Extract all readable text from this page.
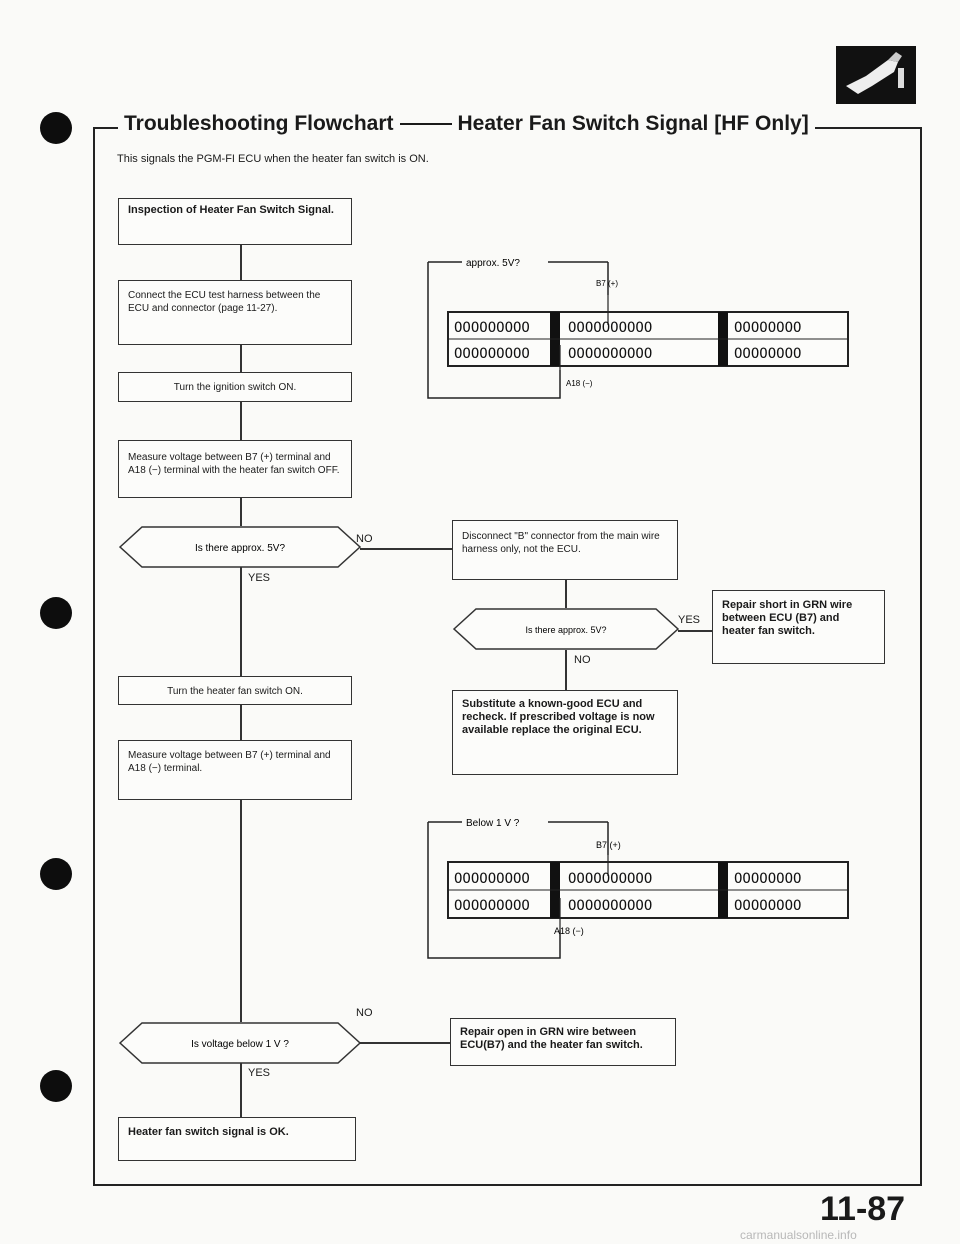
Troubleshooting Flowchart	Heater Fan Switch Signal [HF Only]
This signals the PGM-FI ECU when the heater fan switch is ON.
Inspection of Heater Fan Switch Signal.
Connect the ECU test harness between the ECU and connector (page 11-27).
Turn the ignition switch ON.
Measure voltage between B7 (+) terminal and A18 (−) terminal with the heater fan switch OFF.
Disconnect "B" connector from the main wire harness only, not the ECU.
Repair short in GRN wire between ECU (B7) and heater fan switch.
Substitute a known-good ECU and recheck. If prescribed voltage is now available replace the original ECU.
Turn the heater fan switch ON.
Measure voltage between B7 (+) terminal and A18 (−) terminal.
Repair open in GRN wire between ECU(B7) and the heater fan switch.
Heater fan switch signal is OK.
Is there approx. 5V?
Is there approx. 5V?
Is voltage below 1 V ?
NO
YES
YES
NO
NO
YES
OOOOOOOOO	OOOOOOOOOO	OOOOOOOO
OOOOOOOOO	OOOOOOOOOO	OOOOOOOO
approx. 5V?
B7 (+)
A18 (−)
OOOOOOOOO	OOOOOOOOOO	OOOOOOOO
OOOOOOOOO	OOOOOOOOOO	OOOOOOOO
Below 1 V ?
B7 (+)
A18 (−)
11-87
carmanualsonline.info
